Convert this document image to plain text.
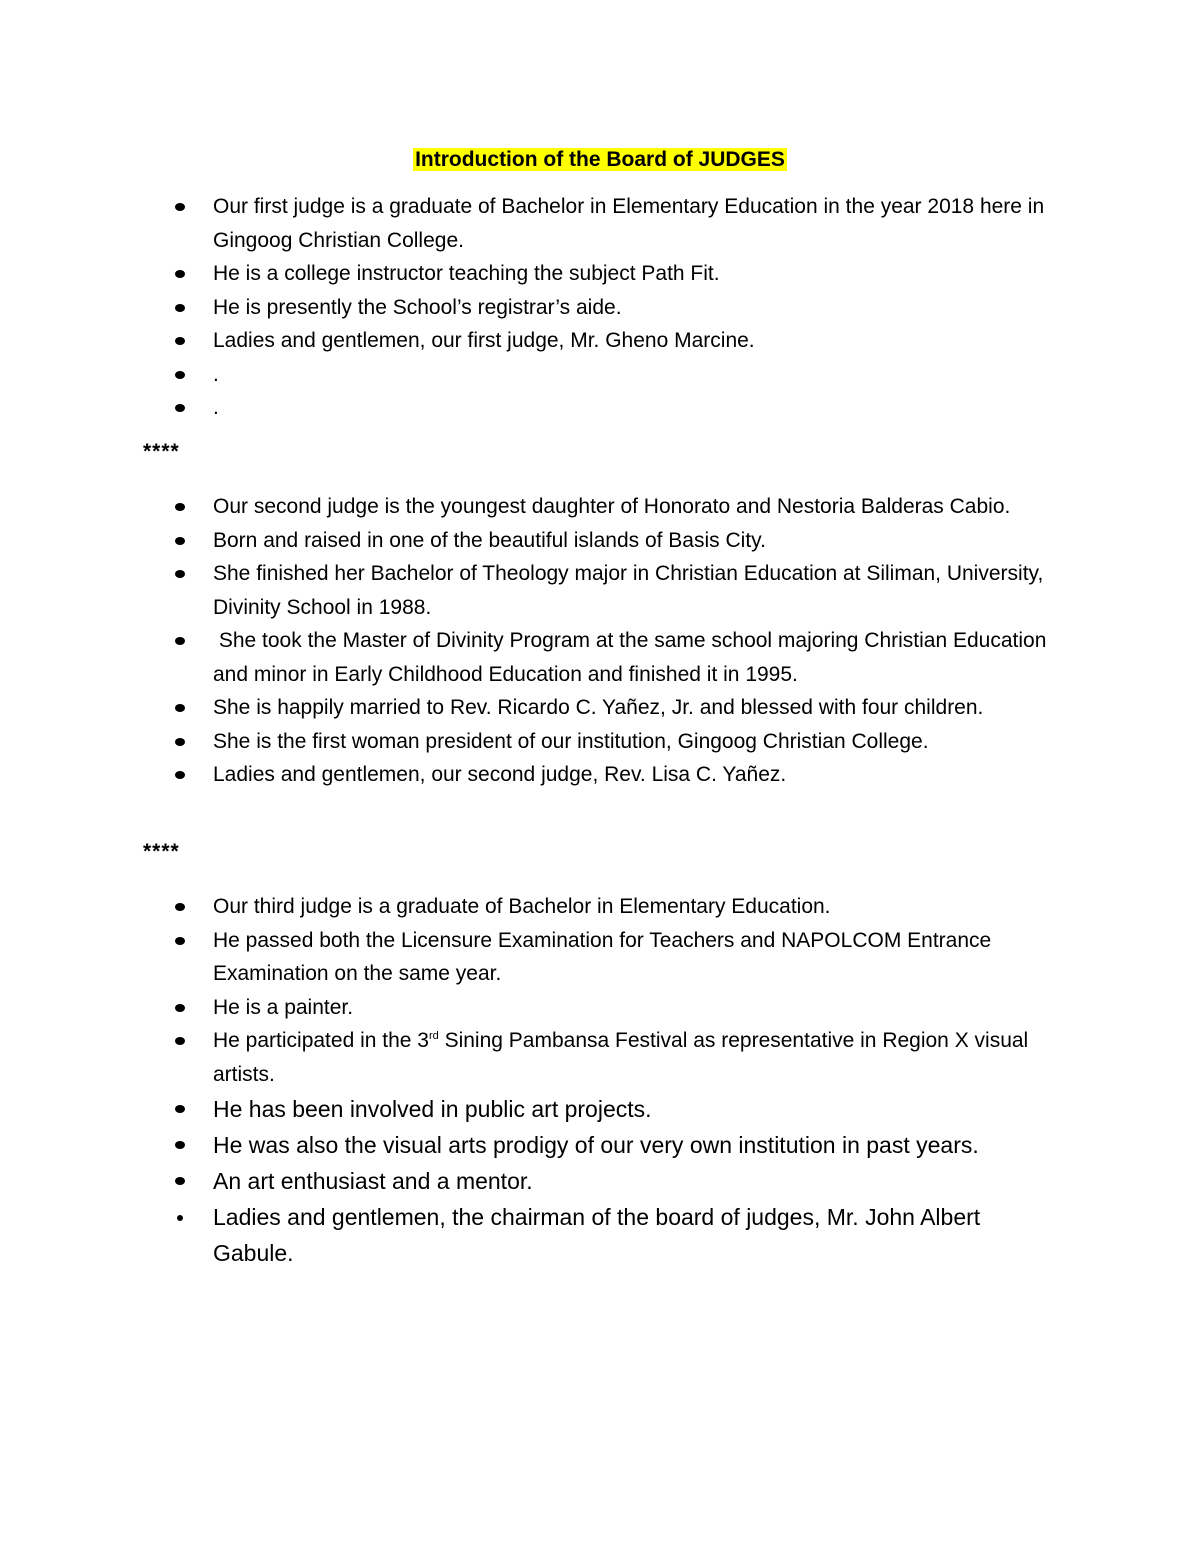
Introduction of the Board of JUDGES
Our first judge is a graduate of Bachelor in Elementary Education in the year 2018 here in Gingoog Christian College.
He is a college instructor teaching the subject Path Fit.
He is presently the School’s registrar’s aide.
Ladies and gentlemen, our first judge, Mr. Gheno Marcine.
.
.
****
Our second judge is the youngest daughter of Honorato and Nestoria Balderas Cabio.
Born and raised in one of the beautiful islands of Basis City.
She finished her Bachelor of Theology major in Christian Education at Siliman, University, Divinity School in 1988.
She took the Master of Divinity Program at the same school majoring Christian Education and minor in Early Childhood Education and finished it in 1995.
She is happily married to Rev. Ricardo C. Yañez, Jr. and blessed with four children.
She is the first woman president of our institution, Gingoog Christian College.
Ladies and gentlemen, our second judge, Rev. Lisa C. Yañez.
****
Our third judge is a graduate of Bachelor in Elementary Education.
He passed both the Licensure Examination for Teachers and NAPOLCOM Entrance Examination on the same year.
He is a painter.
He participated in the 3rd Sining Pambansa Festival as representative in Region X visual artists.
He has been involved in public art projects.
He was also the visual arts prodigy of our very own institution in past years.
An art enthusiast and a mentor.
Ladies and gentlemen, the chairman of the board of judges, Mr. John Albert Gabule.
